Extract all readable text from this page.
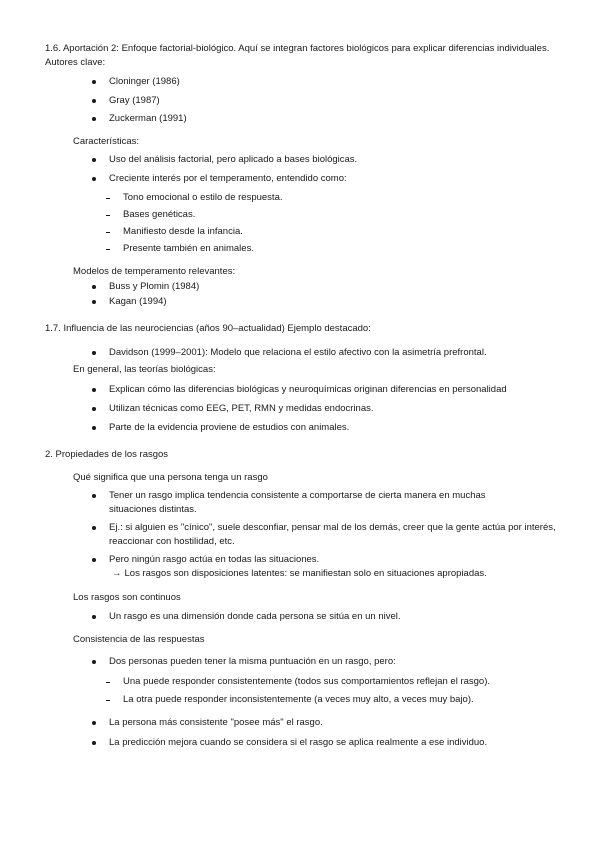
1.6. Aportación 2: Enfoque factorial-biológico. Aquí se integran factores biológicos para explicar diferencias individuales. Autores clave:

Cloninger (1986)

Gray (1987)

Zuckerman (1991)

Características:

Uso del análisis factorial, pero aplicado a bases biológicas.

Creciente interés por el temperamento, entendido como:

Tono emocional o estilo de respuesta.

Bases genéticas.

Manifiesto desde la infancia.

Presente también en animales.

Modelos de temperamento relevantes:

Buss y Plomin (1984)

Kagan (1994)

1.7. Influencia de las neurociencias (años 90–actualidad) Ejemplo destacado:

Davidson (1999–2001): Modelo que relaciona el estilo afectivo con la asimetría prefrontal.

En general, las teorías biológicas:

Explican cómo las diferencias biológicas y neuroquímicas originan diferencias en personalidad

Utilizan técnicas como EEG, PET, RMN y medidas endocrinas.

Parte de la evidencia proviene de estudios con animales.

2. Propiedades de los rasgos

Qué significa que una persona tenga un rasgo

Tener un rasgo implica tendencia consistente a comportarse de cierta manera en muchas situaciones distintas.

Ej.: si alguien es "cínico", suele desconfiar, pensar mal de los demás, creer que la gente actúa por interés, reaccionar con hostilidad, etc.

Pero ningún rasgo actúa en todas las situaciones.

→ Los rasgos son disposiciones latentes: se manifiestan solo en situaciones apropiadas.

Los rasgos son continuos

Un rasgo es una dimensión donde cada persona se sitúa en un nivel.

Consistencia de las respuestas

Dos personas pueden tener la misma puntuación en un rasgo, pero:

Una puede responder consistentemente (todos sus comportamientos reflejan el rasgo).

La otra puede responder inconsistentemente (a veces muy alto, a veces muy bajo).

La persona más consistente "posee más" el rasgo.

La predicción mejora cuando se considera si el rasgo se aplica realmente a ese individuo.
